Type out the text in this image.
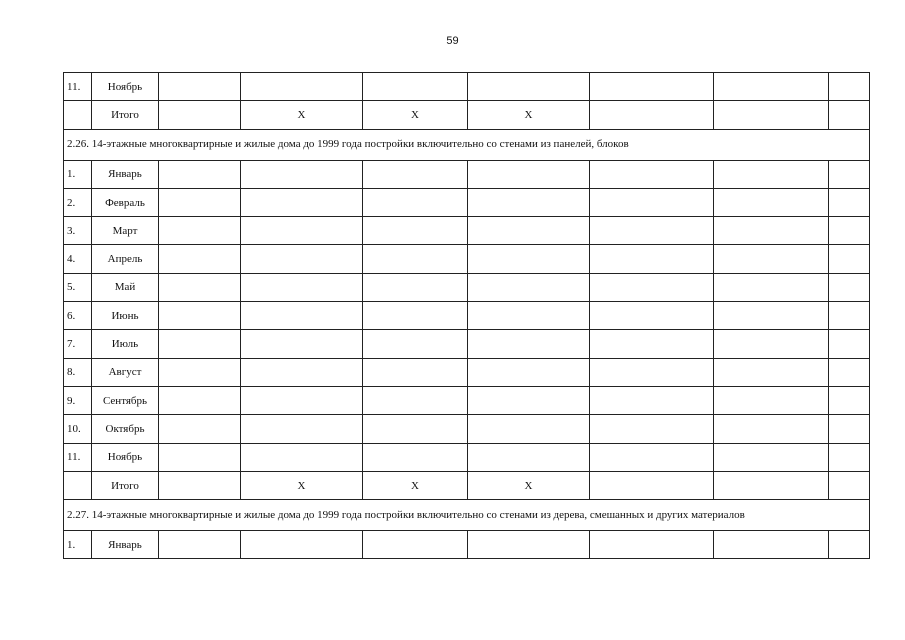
59
11.	Ноябрь							
	Итого		X	X	X			
2.26. 14-этажные многоквартирные и жилые дома до 1999 года постройки включительно со стенами из панелей, блоков								
1.	Январь							
2.	Февраль							
3.	Март							
4.	Апрель							
5.	Май							
6.	Июнь							
7.	Июль							
8.	Август							
9.	Сентябрь							
10.	Октябрь							
11.	Ноябрь							
	Итого		X	X	X			
2.27. 14-этажные многоквартирные и жилые дома до 1999 года постройки включительно со стенами из дерева, смешанных и других материалов								
1.	Январь							
